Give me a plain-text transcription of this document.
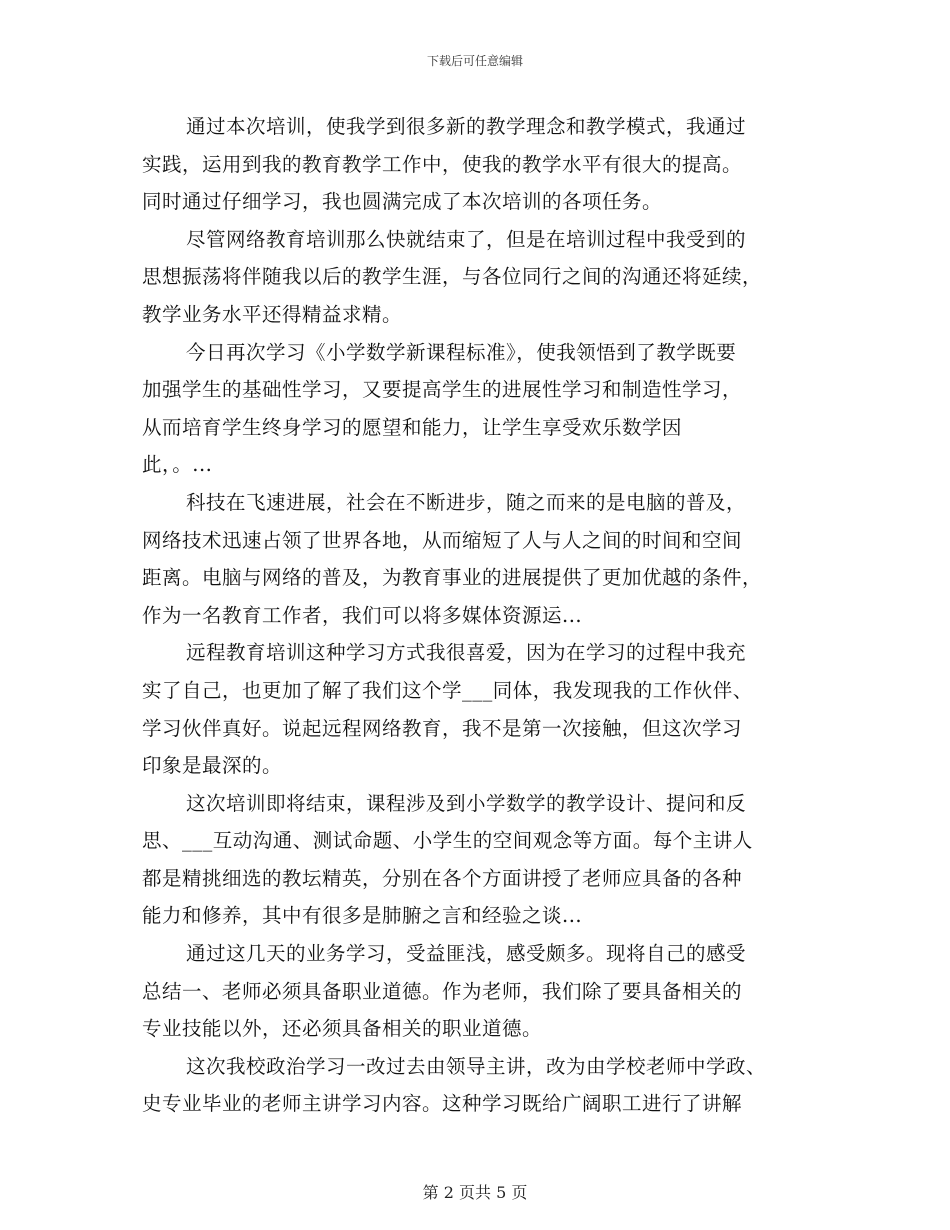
下载后可任意编辑
通过本次培训，使我学到很多新的教学理念和教学模式，我通过
实践，运用到我的教育教学工作中，使我的教学水平有很大的提高。
同时通过仔细学习，我也圆满完成了本次培训的各项任务。
尽管网络教育培训那么快就结束了，但是在培训过程中我受到的
思想振荡将伴随我以后的教学生涯，与各位同行之间的沟通还将延续，
教学业务水平还得精益求精。
今日再次学习《小学数学新课程标准》，使我领悟到了教学既要
加强学生的基础性学习，又要提高学生的进展性学习和制造性学习，
从而培育学生终身学习的愿望和能力，让学生享受欢乐数学因
此，。...
科技在飞速进展，社会在不断进步，随之而来的是电脑的普及，
网络技术迅速占领了世界各地，从而缩短了人与人之间的时间和空间
距离。电脑与网络的普及，为教育事业的进展提供了更加优越的条件，
作为一名教育工作者，我们可以将多媒体资源运...
远程教育培训这种学习方式我很喜爱，因为在学习的过程中我充
实了自己，也更加了解了我们这个学___同体，我发现我的工作伙伴、
学习伙伴真好。说起远程网络教育，我不是第一次接触，但这次学习
印象是最深的。
这次培训即将结束，课程涉及到小学数学的教学设计、提问和反
思、___互动沟通、测试命题、小学生的空间观念等方面。每个主讲人
都是精挑细选的教坛精英，分别在各个方面讲授了老师应具备的各种
能力和修养，其中有很多是肺腑之言和经验之谈...
通过这几天的业务学习，受益匪浅，感受颇多。现将自己的感受
总结一、老师必须具备职业道德。作为老师，我们除了要具备相关的
专业技能以外，还必须具备相关的职业道德。
这次我校政治学习一改过去由领导主讲，改为由学校老师中学政、
史专业毕业的老师主讲学习内容。这种学习既给广阔职工进行了讲解
第 2 页共 5 页
